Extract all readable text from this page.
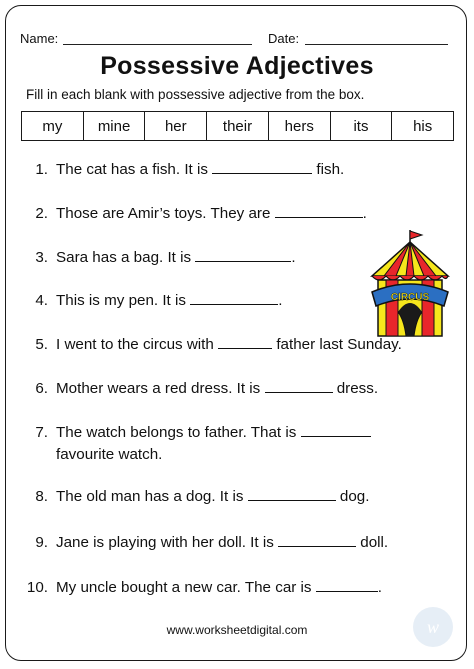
Name:	Date:
Possessive Adjectives
Fill in each blank with possessive adjective from the box.
my	mine	her	their	hers	its	his
1. The cat has a fish. It is	fish.
2. Those are Amir’s toys. They are	.
3. Sara has a bag. It is	.
4. This is my pen. It is	.
5. I went to the circus with	father last Sunday.
6. Mother wears a red dress. It is	dress.
7. The watch belongs to father. That is
favourite watch.
8. The old man has a dog. It is	dog.
9. Jane is playing with her doll. It is	doll.
10. My uncle bought a new car. The car is	.
CIRCUS
www.worksheetdigital.com	w
